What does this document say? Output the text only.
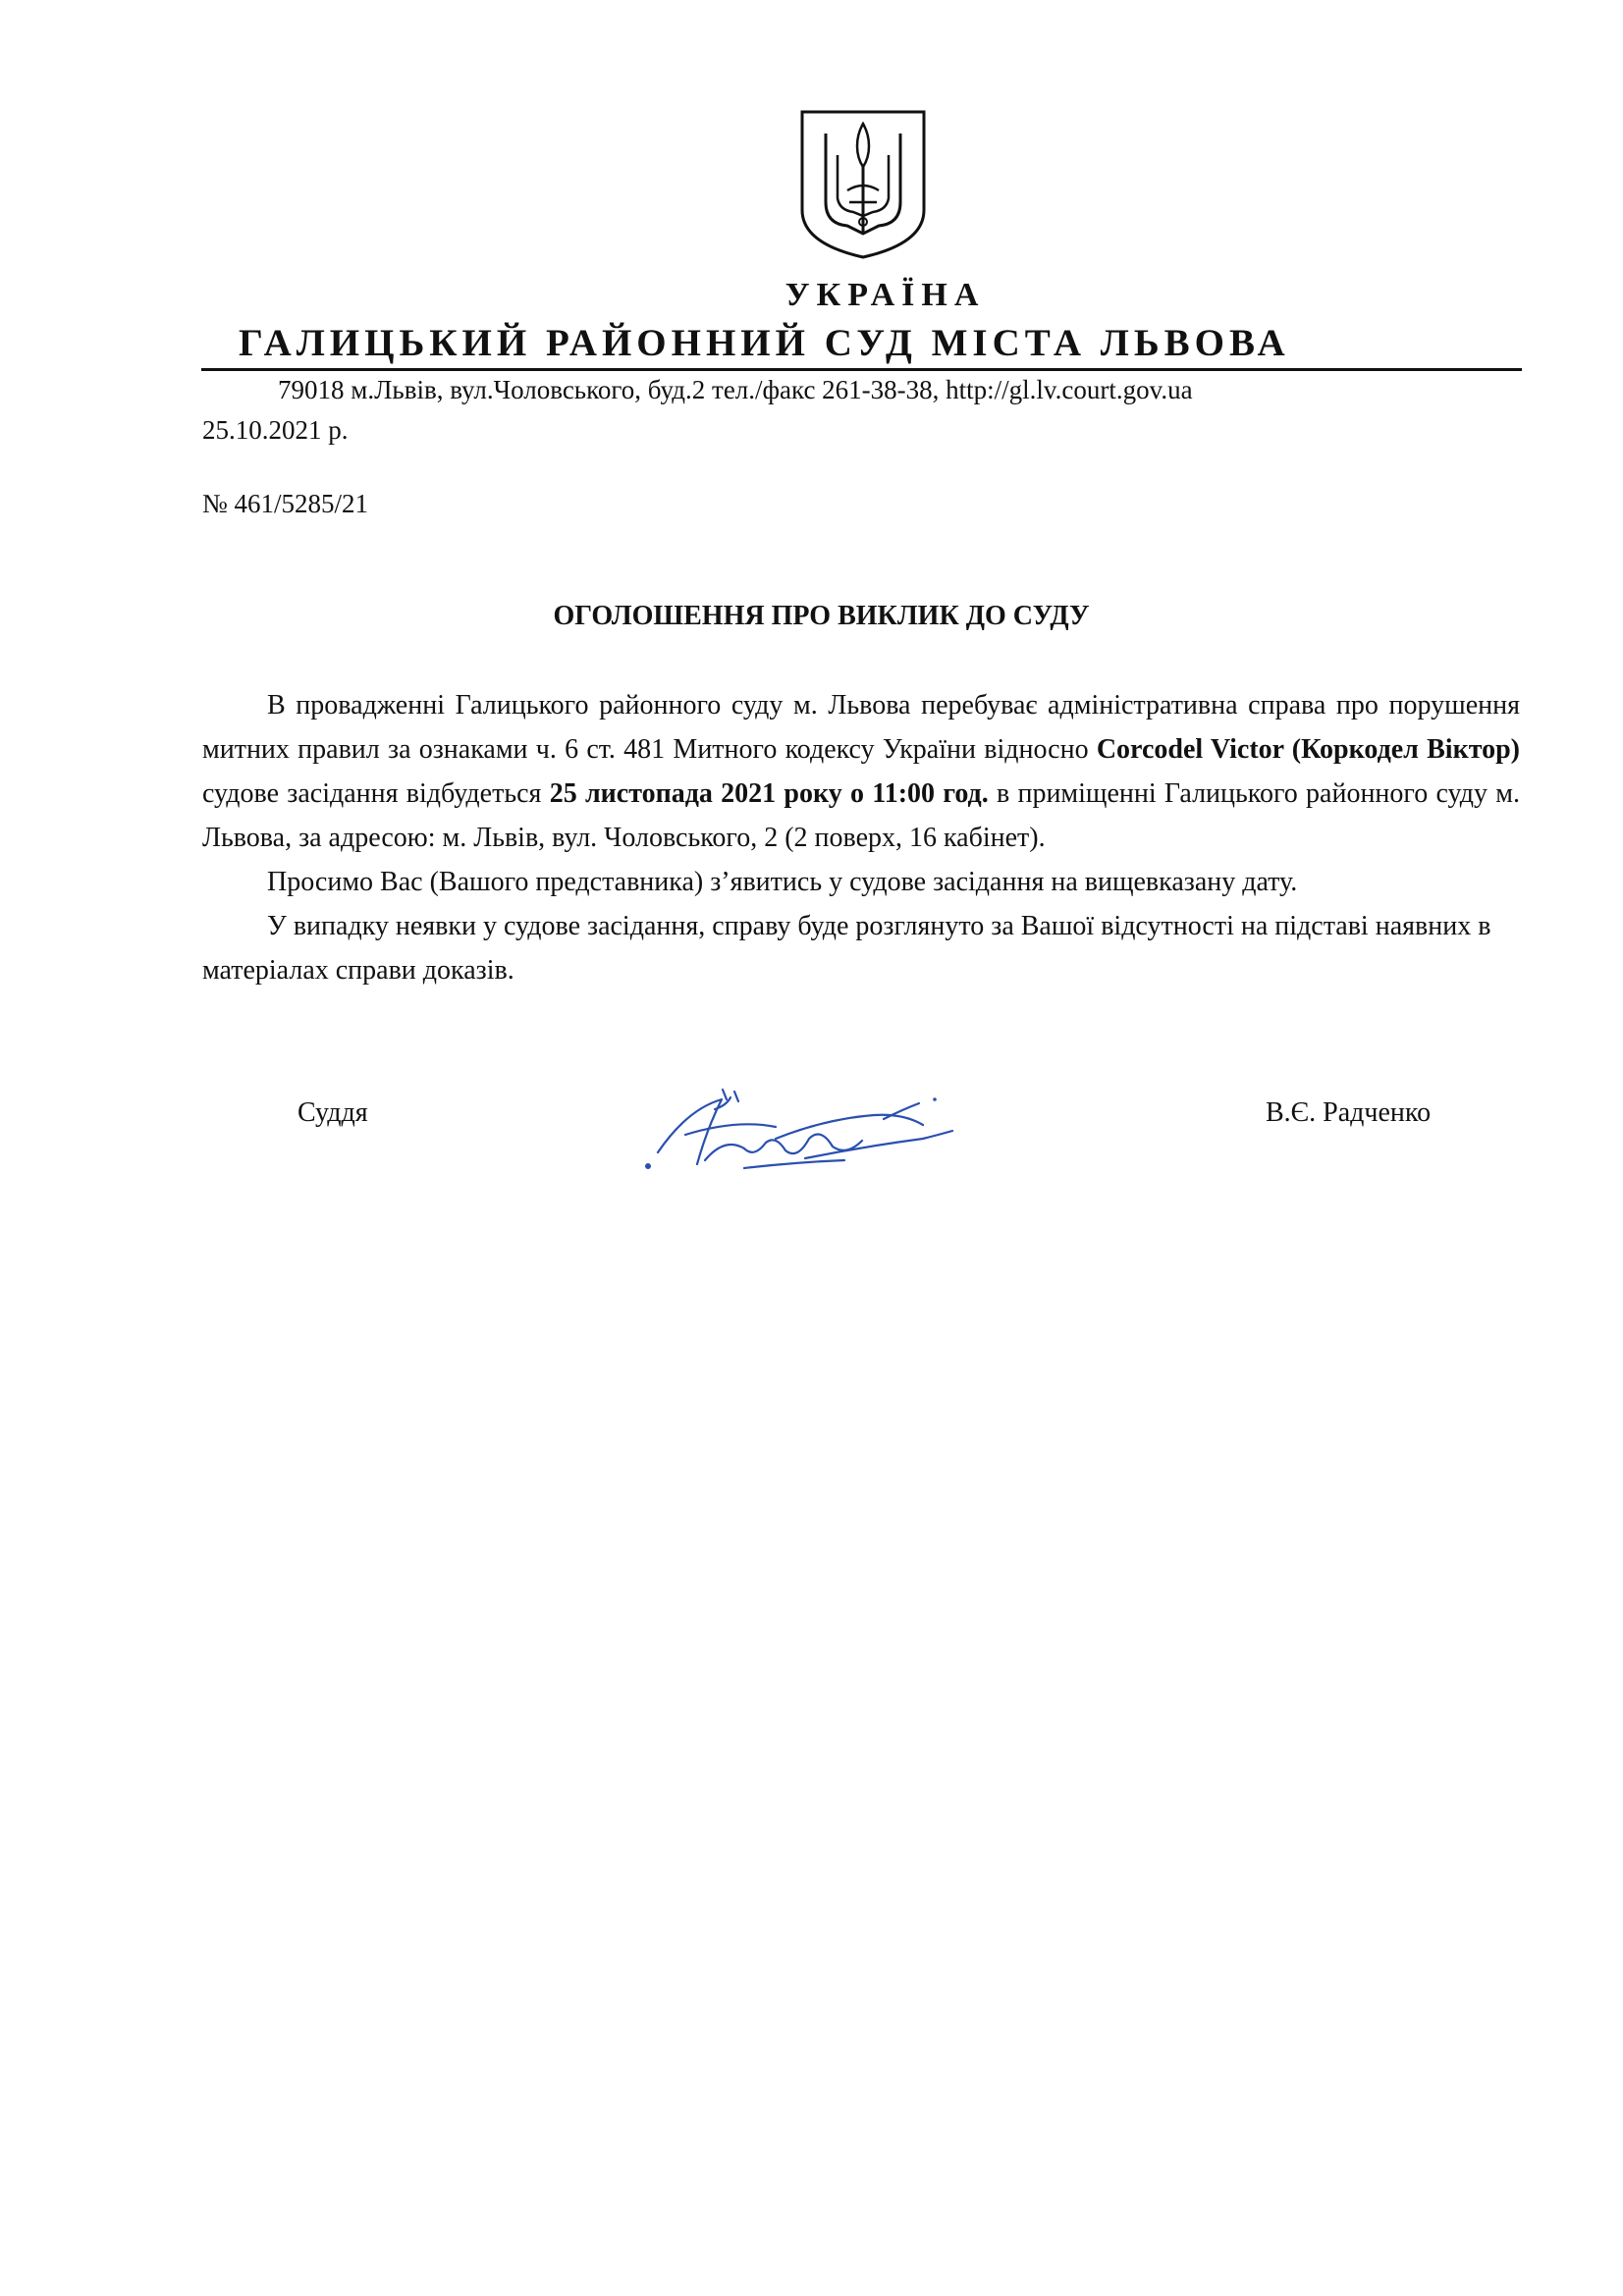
УКРАЇНА
ГАЛИЦЬКИЙ РАЙОННИЙ СУД МІСТА ЛЬВОВА
79018 м.Львів, вул.Чоловського, буд.2 тел./факс 261-38-38, http://gl.lv.court.gov.ua
25.10.2021 р.
№ 461/5285/21
ОГОЛОШЕННЯ ПРО ВИКЛИК ДО СУДУ

В провадженні Галицького районного суду м. Львова перебуває адміністративна справа про порушення митних правил за ознаками ч. 6 ст. 481 Митного кодексу України відносно Corcodel Victor (Коркодел Віктор) судове засідання відбудеться 25 листопада 2021 року о 11:00 год. в приміщенні Галицького районного суду м. Львова, за адресою: м. Львів, вул. Чоловського, 2 (2 поверх, 16 кабінет).

Просимо Вас (Вашого представника) з’явитись у судове засідання на вищевказану дату.

У випадку неявки у судове засідання, справу буде розглянуто за Вашої відсутності на підставі наявних в матеріалах справи доказів.

Суддя	В.Є. Радченко
